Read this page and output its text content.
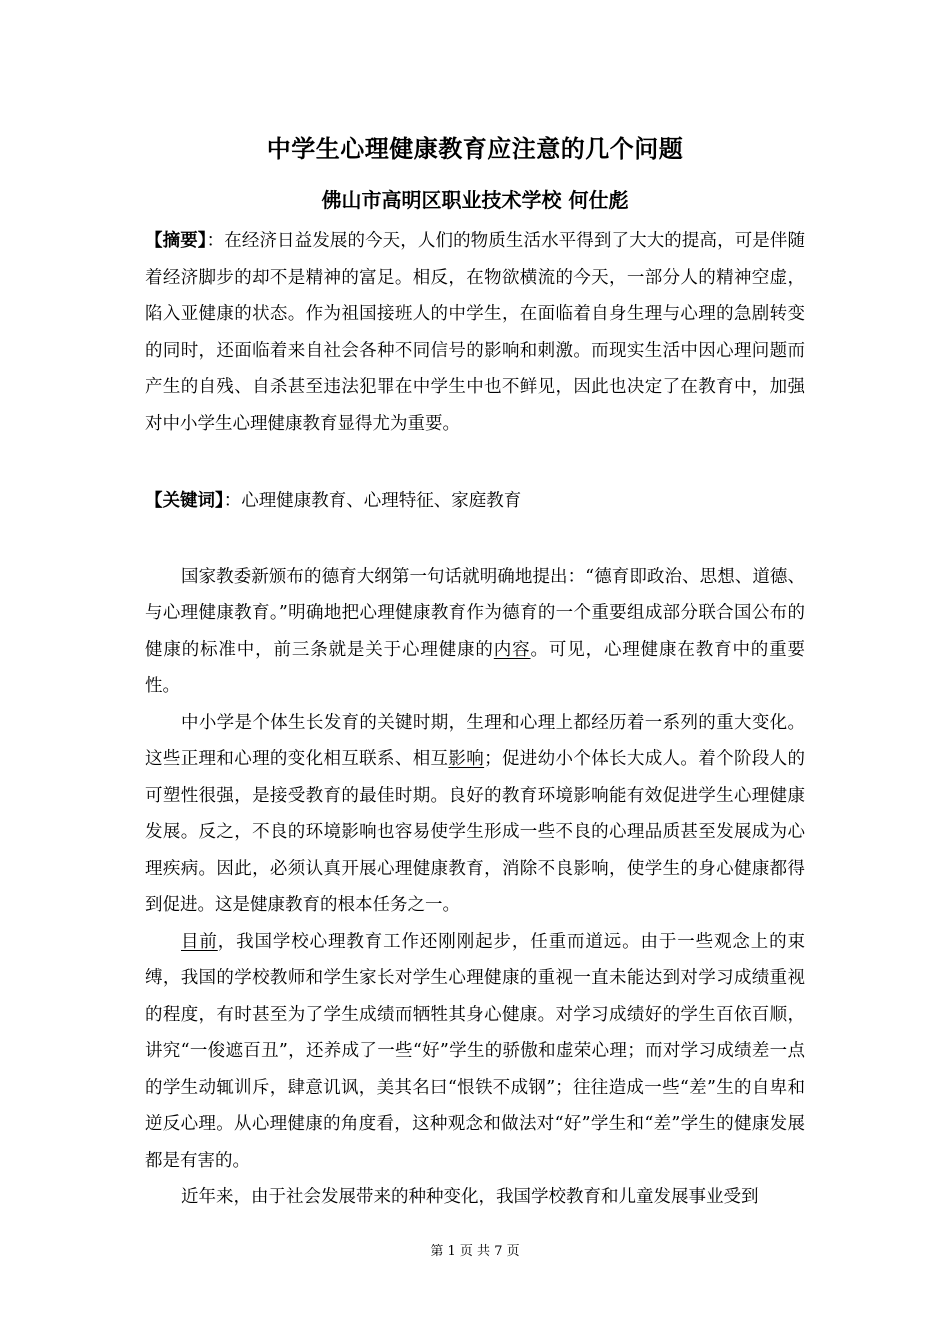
中学生心理健康教育应注意的几个问题
佛山市高明区职业技术学校 何仕彪

【摘要】：在经济日益发展的今天，人们的物质生活水平得到了大大的提高，可是伴随着经济脚步的却不是精神的富足。相反，在物欲横流的今天，一部分人的精神空虚，陷入亚健康的状态。作为祖国接班人的中学生，在面临着自身生理与心理的急剧转变的同时，还面临着来自社会各种不同信号的影响和刺激。而现实生活中因心理问题而产生的自残、自杀甚至违法犯罪在中学生中也不鲜见，因此也决定了在教育中，加强对中小学生心理健康教育显得尤为重要。

【关键词】：心理健康教育、心理特征、家庭教育

国家教委新颁布的德育大纲第一句话就明确地提出：“德育即政治、思想、道德、与心理健康教育。”明确地把心理健康教育作为德育的一个重要组成部分联合国公布的健康的标准中，前三条就是关于心理健康的内容。可见，心理健康在教育中的重要性。

中小学是个体生长发育的关键时期，生理和心理上都经历着一系列的重大变化。这些正理和心理的变化相互联系、相互影响；促进幼小个体长大成人。着个阶段人的可塑性很强，是接受教育的最佳时期。良好的教育环境影响能有效促进学生心理健康发展。反之，不良的环境影响也容易使学生形成一些不良的心理品质甚至发展成为心理疾病。因此，必须认真开展心理健康教育，消除不良影响，使学生的身心健康都得到促进。这是健康教育的根本任务之一。

目前，我国学校心理教育工作还刚刚起步，任重而道远。由于一些观念上的束缚，我国的学校教师和学生家长对学生心理健康的重视一直未能达到对学习成绩重视的程度，有时甚至为了学生成绩而牺牲其身心健康。对学习成绩好的学生百依百顺，讲究“一俊遮百丑”，还养成了一些“好”学生的骄傲和虚荣心理；而对学习成绩差一点的学生动辄训斥，肆意讥讽，美其名曰“恨铁不成钢”；往往造成一些“差”生的自卑和逆反心理。从心理健康的角度看，这种观念和做法对“好”学生和“差”学生的健康发展都是有害的。

近年来，由于社会发展带来的种种变化，我国学校教育和儿童发展事业受到

第 1 页 共 7 页
